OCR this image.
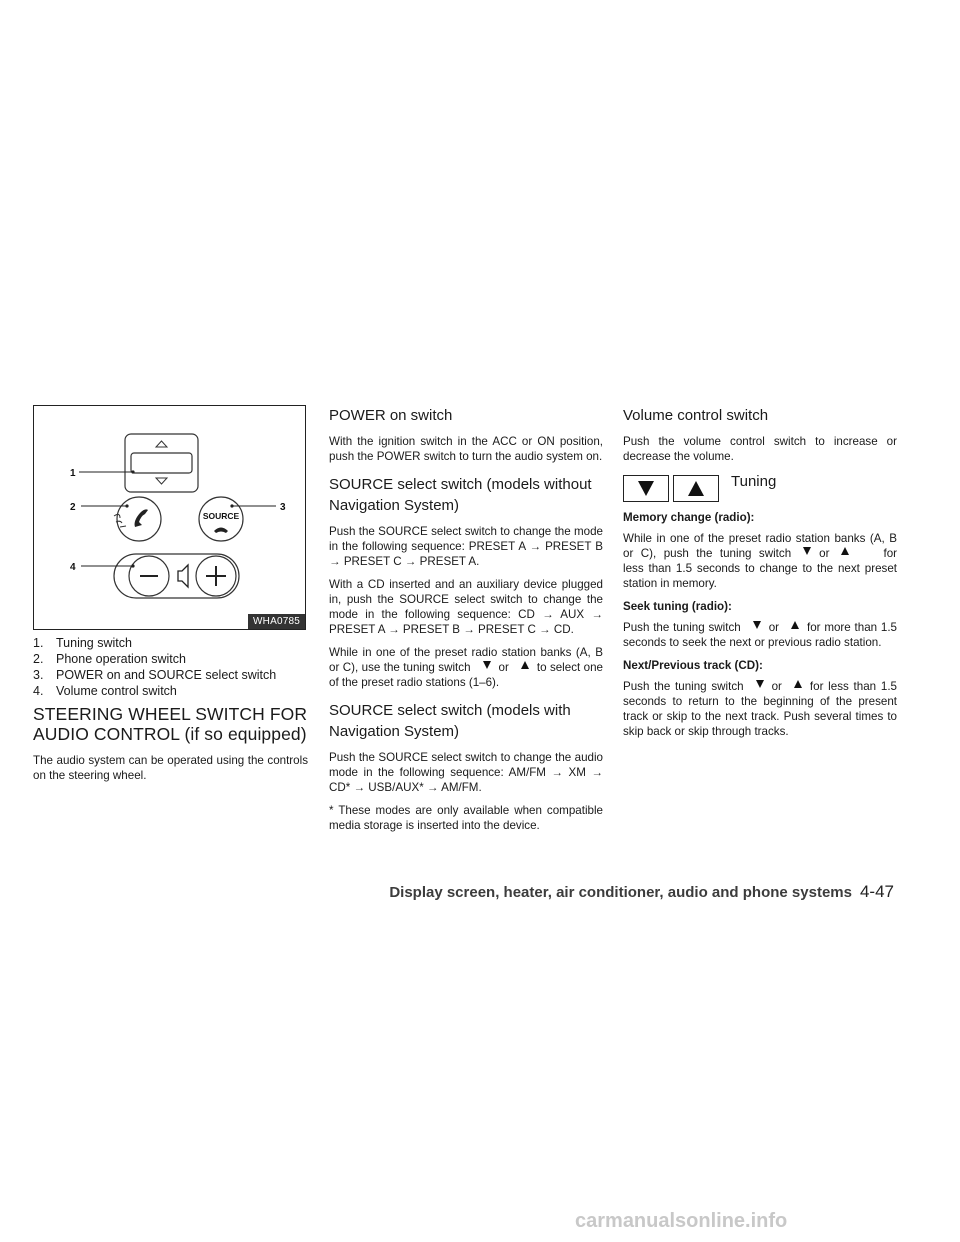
SOURCE
1
2	3
4
WHA0785
1. Tuning switch
2. Phone operation switch
3. POWER on and SOURCE select switch
4. Volume control switch
STEERING WHEEL SWITCH FOR AUDIO CONTROL (if so equipped)

The audio system can be operated using the controls on the steering wheel.

POWER on switch

With the ignition switch in the ACC or ON position, push the POWER switch to turn the audio system on.

SOURCE select switch (models without Navigation System)

Push the SOURCE select switch to change the mode in the following sequence: PRESET A → PRESET B → PRESET C → PRESET A.

With a CD inserted and an auxiliary device plugged in, push the SOURCE select switch to change the mode in the following sequence: CD → AUX → PRESET A → PRESET B → PRESET C → CD.

While in one of the preset radio station banks (A, B or C), use the tuning switch or to select one of the preset radio stations (1–6).

SOURCE select switch (models with Navigation System)

Push the SOURCE select switch to change the audio mode in the following sequence: AM/FM → XM → CD* → USB/AUX* → AM/FM.

* These modes are only available when compatible media storage is inserted into the device.

Volume control switch

Push the volume control switch to increase or decrease the volume.

Tuning

Memory change (radio):

While in one of the preset radio station banks (A, B or C), push the tuning switch or	for less than 1.5 seconds to change to the next preset station in memory.

Seek tuning (radio):

Push the tuning switch or for more than 1.5 seconds to seek the next or previous radio station.

Next/Previous track (CD):

Push the tuning switch or for less than 1.5 seconds to return to the beginning of the present track or skip to the next track. Push several times to skip back or skip through tracks.

Display screen, heater, air conditioner, audio and phone systems 4-47
carmanualsonline.info
